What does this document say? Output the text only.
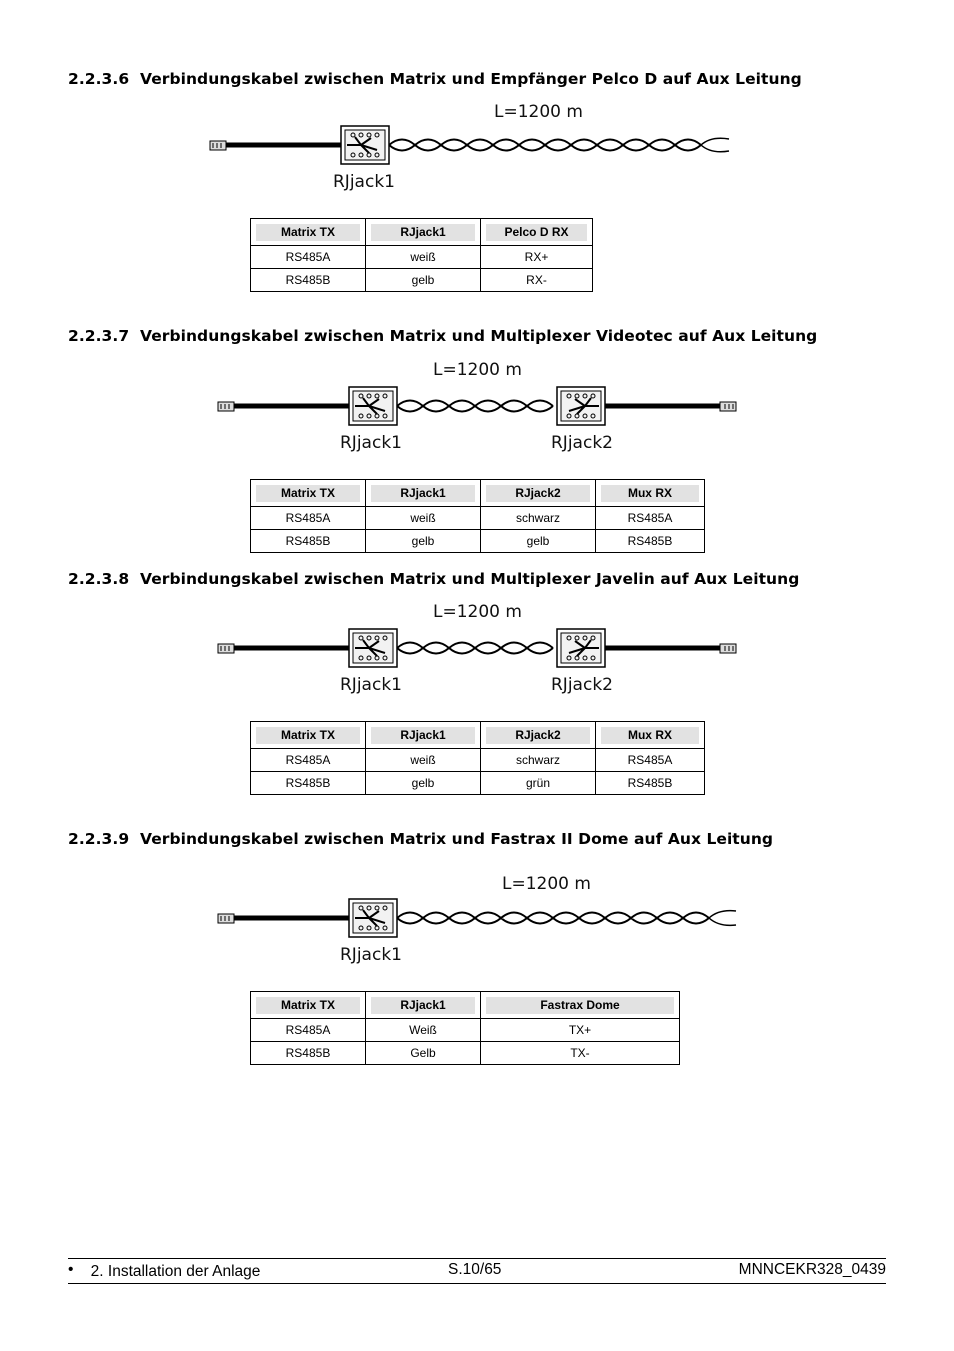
2.2.3.6 Verbindungskabel zwischen Matrix und Empfänger Pelco D auf Aux Leitung
L=1200 m
RJjack1
Matrix TX	RJjack1	Pelco D RX

RS485A	weiß	RX+
RS485B	gelb	RX-
2.2.3.7 Verbindungskabel zwischen Matrix und Multiplexer Videotec auf Aux Leitung
L=1200 m
RJjack1	RJjack2
Matrix TX	RJjack1	RJjack2	Mux RX

RS485A	weiß	schwarz	RS485A
RS485B	gelb	gelb	RS485B
2.2.3.8 Verbindungskabel zwischen Matrix und Multiplexer Javelin auf Aux Leitung
L=1200 m
RJjack1	RJjack2
Matrix TX	RJjack1	RJjack2	Mux RX

RS485A	weiß	schwarz	RS485A
RS485B	gelb	grün	RS485B
2.2.3.9 Verbindungskabel zwischen Matrix und Fastrax II Dome auf Aux Leitung
L=1200 m
RJjack1
Matrix TX	RJjack1	Fastrax Dome

RS485A	Weiß	TX+
RS485B	Gelb	TX-
• 2. Installation der Anlage	S.10/65	MNNCEKR328_0439
